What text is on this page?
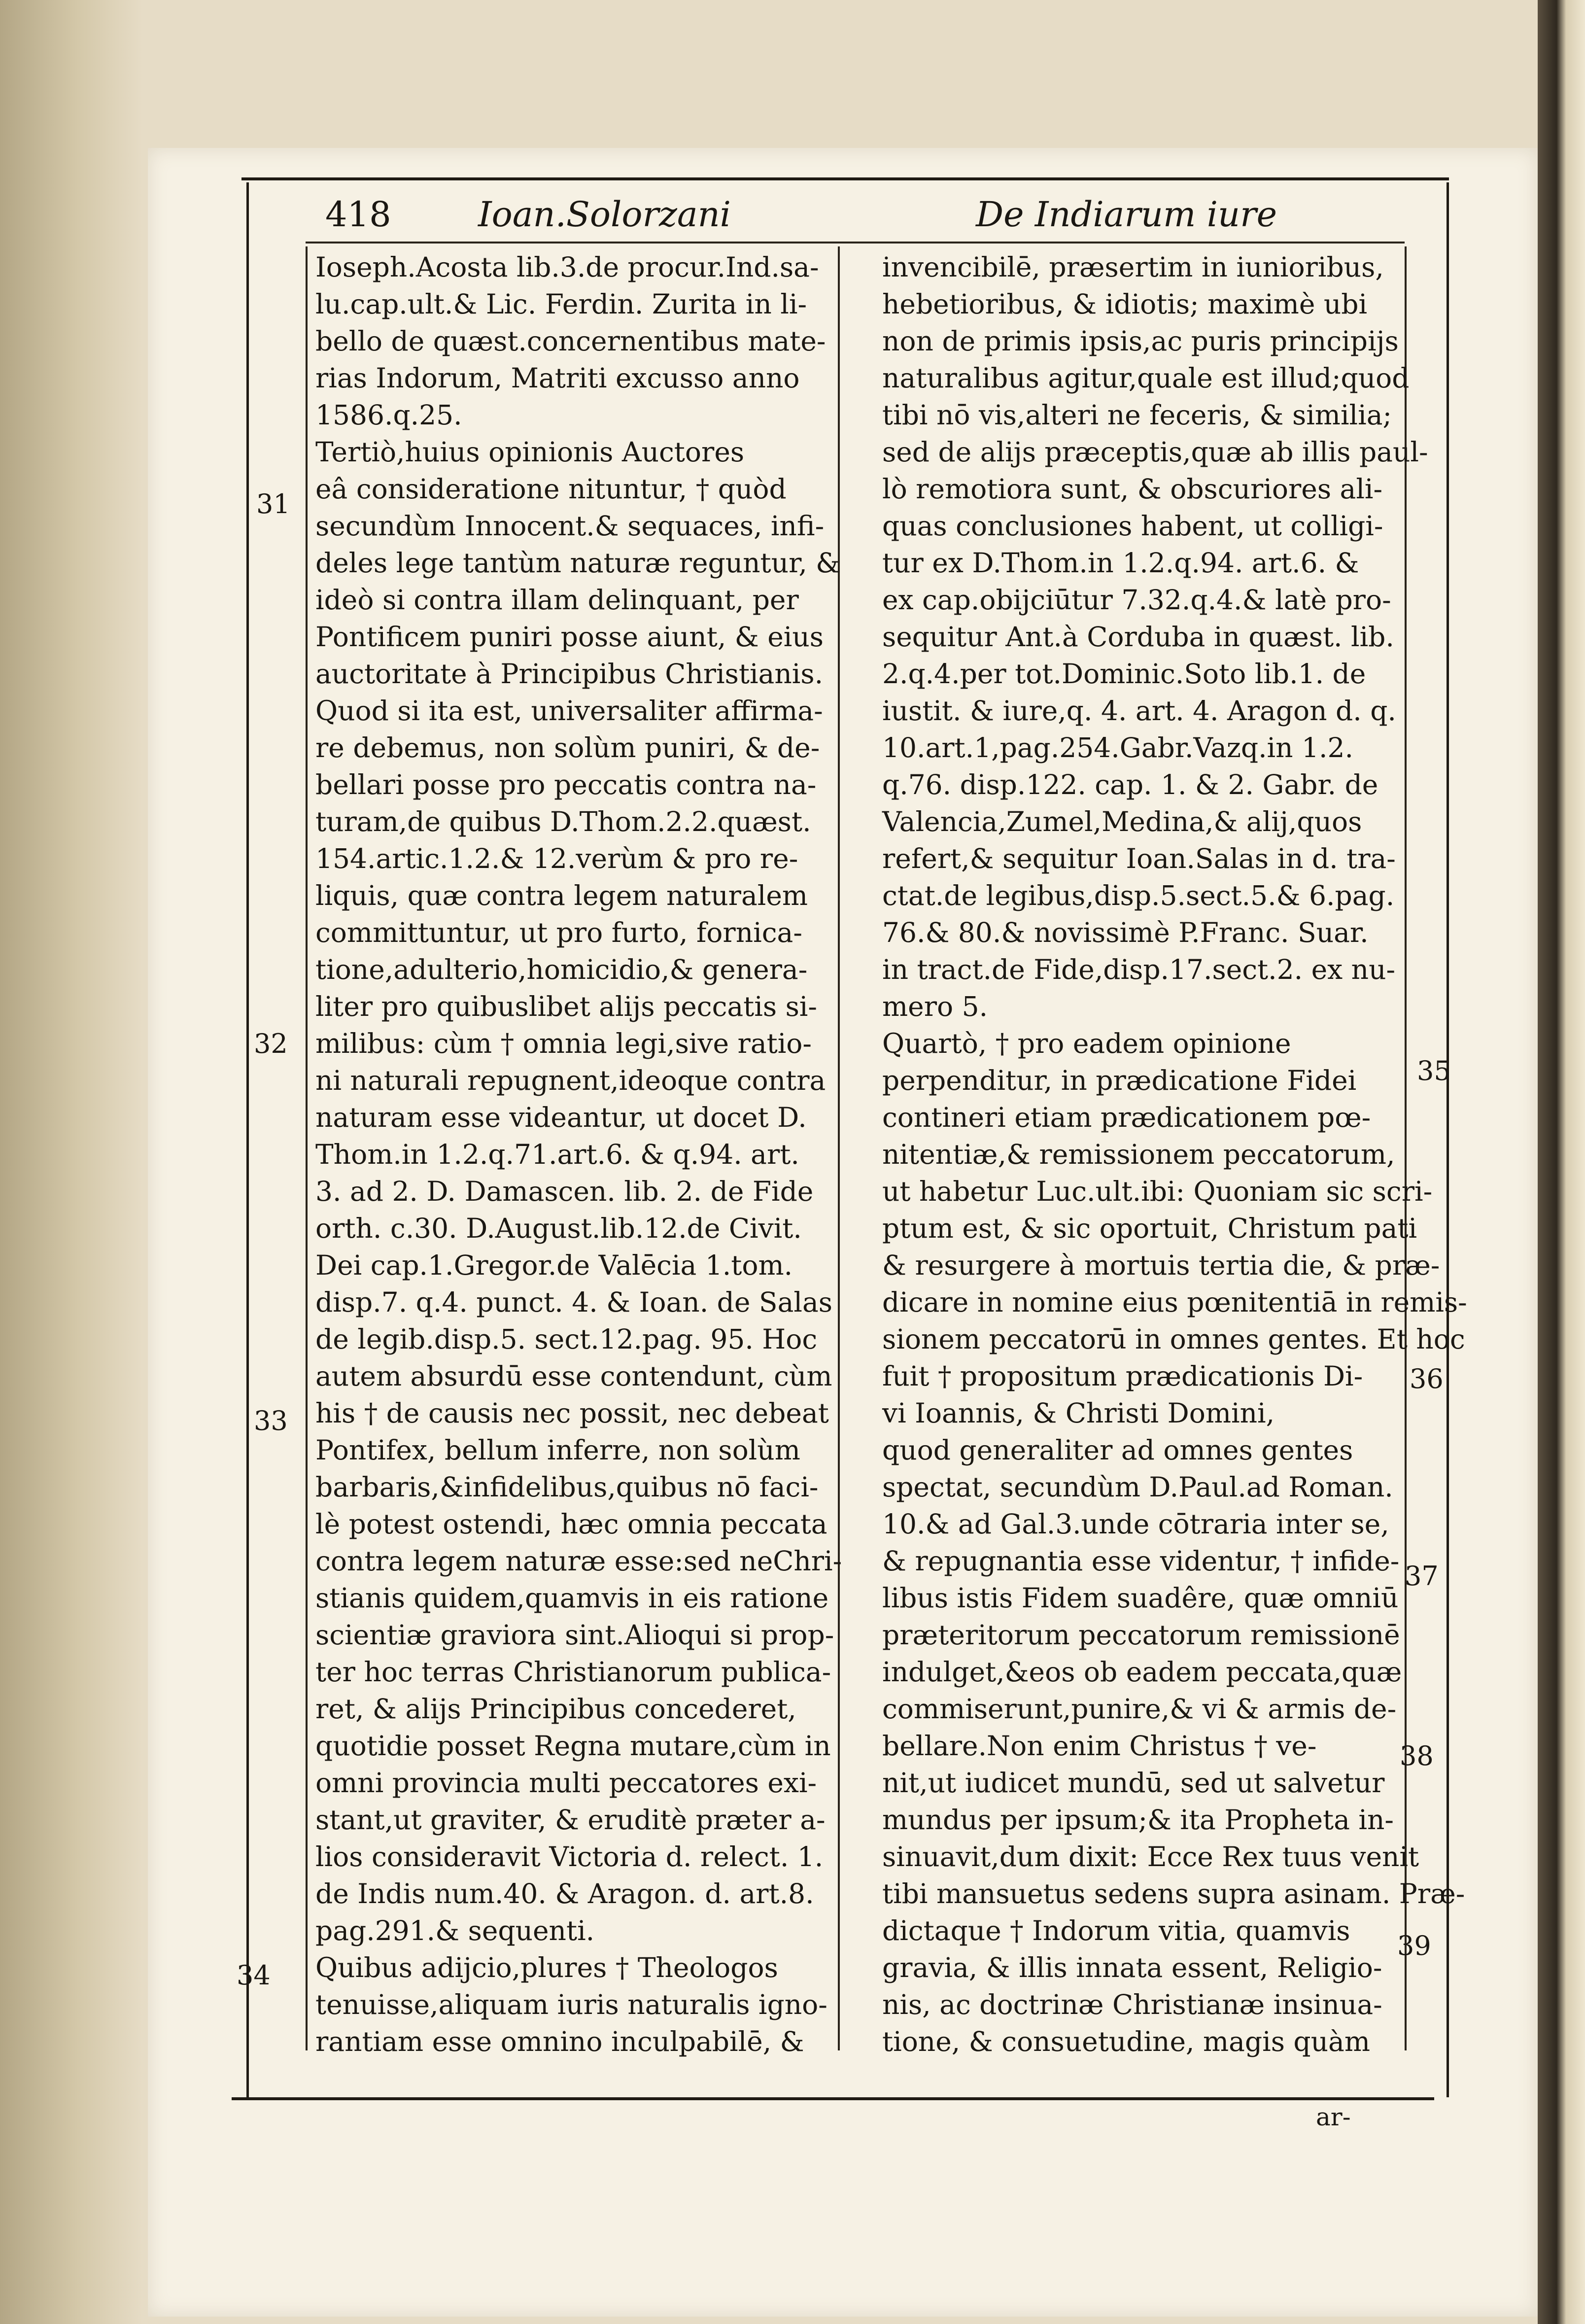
418	Ioan.Solorzani	De Indiarum iure
Ioseph.Acosta lib.3.de procur.Ind.sa-
lu.cap.ult.& Lic. Ferdin. Zurita in li-
bello de quæst.concernentibus mate-
rias Indorum, Matriti excusso anno
1586.q.25.
Tertiò,huius opinionis Auctores
eâ consideratione nituntur, † quòd
secundùm Innocent.& sequaces, infi-
deles lege tantùm naturæ reguntur, &
ideò si contra illam delinquant, per
Pontificem puniri posse aiunt, & eius
auctoritate à Principibus Christianis.
Quod si ita est, universaliter affirma-
re debemus, non solùm puniri, & de-
bellari posse pro peccatis contra na-
turam,de quibus D.Thom.2.2.quæst.
154.artic.1.2.& 12.verùm & pro re-
liquis, quæ contra legem naturalem
committuntur, ut pro furto, fornica-
tione,adulterio,homicidio,& genera-
liter pro quibuslibet alijs peccatis si-
milibus: cùm † omnia legi,sive ratio-
ni naturali repugnent,ideoque contra
naturam esse videantur, ut docet D.
Thom.in 1.2.q.71.art.6. & q.94. art.
3. ad 2. D. Damascen. lib. 2. de Fide
orth. c.30. D.August.lib.12.de Civit.
Dei cap.1.Gregor.de Valēcia 1.tom.
disp.7. q.4. punct. 4. & Ioan. de Salas
de legib.disp.5. sect.12.pag. 95. Hoc
autem absurdū esse contendunt, cùm
his † de causis nec possit, nec debeat
Pontifex, bellum inferre, non solùm
barbaris,&infidelibus,quibus nō faci-
lè potest ostendi, hæc omnia peccata
contra legem naturæ esse:sed neChri-
stianis quidem,quamvis in eis ratione
scientiæ graviora sint.Alioqui si prop-
ter hoc terras Christianorum publica-
ret, & alijs Principibus concederet,
quotidie posset Regna mutare,cùm in
omni provincia multi peccatores exi-
stant,ut graviter, & eruditè præter a-
lios consideravit Victoria d. relect. 1.
de Indis num.40. & Aragon. d. art.8.
pag.291.& sequenti.
Quibus adijcio,plures † Theologos
tenuisse,aliquam iuris naturalis igno-
rantiam esse omnino inculpabilē, &
invencibilē, præsertim in iunioribus,
hebetioribus, & idiotis; maximè ubi
non de primis ipsis,ac puris principijs
naturalibus agitur,quale est illud;quod
tibi nō vis,alteri ne feceris, & similia;
sed de alijs præceptis,quæ ab illis paul-
lò remotiora sunt, & obscuriores ali-
quas conclusiones habent, ut colligi-
tur ex D.Thom.in 1.2.q.94. art.6. &
ex cap.obijciūtur 7.32.q.4.& latè pro-
sequitur Ant.à Corduba in quæst. lib.
2.q.4.per tot.Dominic.Soto lib.1. de
iustit. & iure,q. 4. art. 4. Aragon d. q.
10.art.1,pag.254.Gabr.Vazq.in 1.2.
q.76. disp.122. cap. 1. & 2. Gabr. de
Valencia,Zumel,Medina,& alij,quos
refert,& sequitur Ioan.Salas in d. tra-
ctat.de legibus,disp.5.sect.5.& 6.pag.
76.& 80.& novissimè P.Franc. Suar.
in tract.de Fide,disp.17.sect.2. ex nu-
mero 5.
Quartò, † pro eadem opinione
perpenditur, in prædicatione Fidei
contineri etiam prædicationem pœ-
nitentiæ,& remissionem peccatorum,
ut habetur Luc.ult.ibi: Quoniam sic scri-
ptum est, & sic oportuit, Christum pati
& resurgere à mortuis tertia die, & præ-
dicare in nomine eius pœnitentiā in remis-
sionem peccatorū in omnes gentes. Et hoc
fuit † propositum prædicationis Di-
vi Ioannis, & Christi Domini,
quod generaliter ad omnes gentes
spectat, secundùm D.Paul.ad Roman.
10.& ad Gal.3.unde cōtraria inter se,
& repugnantia esse videntur, † infide-
libus istis Fidem suadêre, quæ omniū
præteritorum peccatorum remissionē
indulget,&eos ob eadem peccata,quæ
commiserunt,punire,& vi & armis de-
bellare.Non enim Christus † ve-
nit,ut iudicet mundū, sed ut salvetur
mundus per ipsum;& ita Propheta in-
sinuavit,dum dixit: Ecce Rex tuus venit
tibi mansuetus sedens supra asinam. Præ-
dictaque † Indorum vitia, quamvis
gravia, & illis innata essent, Religio-
nis, ac doctrinæ Christianæ insinua-
tione, & consuetudine, magis quàm
31
32
33
34
35
36
37
38
39
ar-
